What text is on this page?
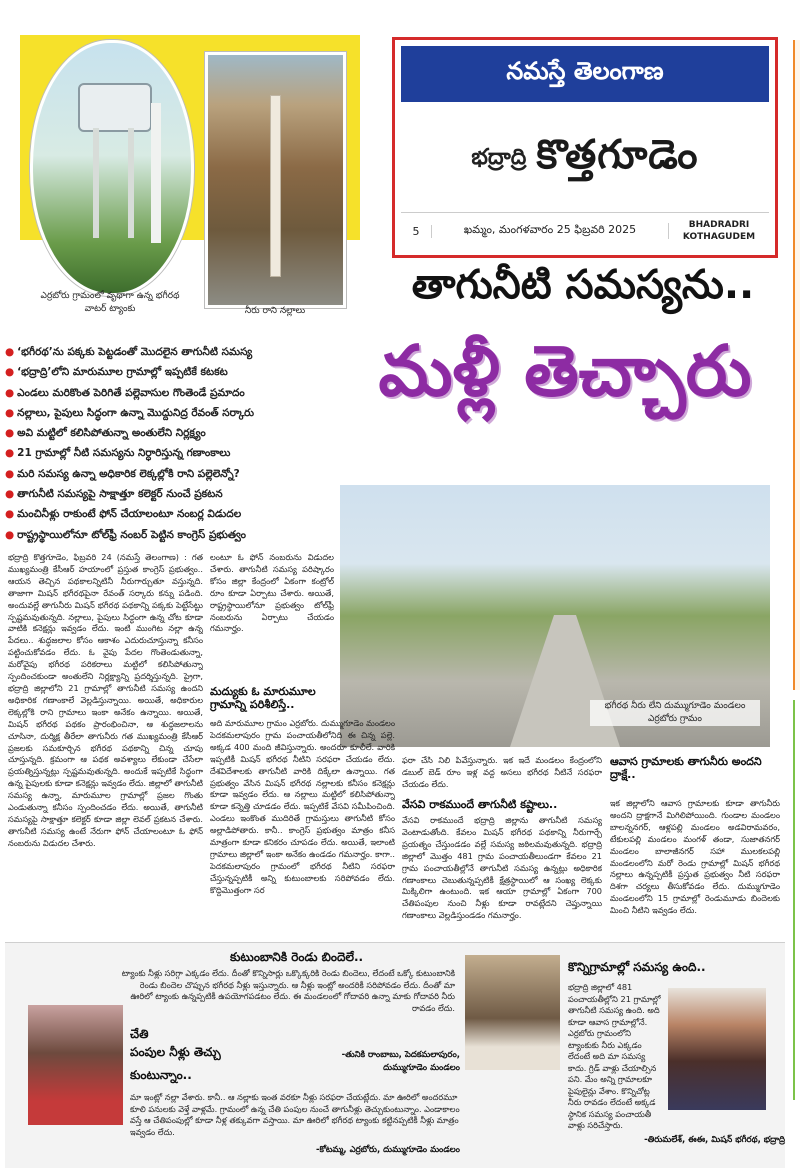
ఎర్రబోరు గ్రామంలో వృథాగా ఉన్న భగీరథ వాటర్ ట్యాంకు	నీరు రాని నల్లాలు
నమస్తే తెలంగాణ
భద్రాద్రి కొత్తగూడెం
5	ఖమ్మం, మంగళవారం 25 ఫిబ్రవరి 2025	BHADRADRI
KOTHAGUDEM
తాగునీటి సమస్యను..
మళ్లీ తెచ్చారు
● ‘భగీరథ’ను పక్కకు పెట్టడంతో మొదలైన తాగునీటి సమస్య
● ‘భద్రాద్రి’లోని మారుమూల గ్రామాల్లో ఇప్పటికే కటకట
● ఎండలు మరికొంత పెరిగితే పల్లెవాసుల గొంతెండే ప్రమాదం
● నల్లాలు, పైపులు సిద్ధంగా ఉన్నా మొద్దునిద్ర రేవంత్ సర్కారు
● అవి మట్టిలో కలిసిపోతున్నా అంతులేని నిర్లక్ష్యం
● 21 గ్రామాల్లో నీటి సమస్యను నిర్ధారిస్తున్న గణాంకాలు
● మరి సమస్య ఉన్నా అధికారిక లెక్కల్లోకి రాని పల్లెలెన్నో?
● తాగునీటి సమస్యపై సాక్షాత్తూ కలెక్టర్ నుంచే ప్రకటన
● మంచినీళ్లు రాకుంటే ఫోన్ చేయాలంటూ నంబర్ల విడుదల
● రాష్ట్రస్థాయిలోనూ టోల్‌ఫ్రీ నంబర్ పెట్టిన కాంగ్రెస్ ప్రభుత్వం
భగీరథ నీరు లేని దుమ్ముగూడెం మండలం ఎర్రబోరు గ్రామం
భద్రాద్రి కొత్తగూడెం, ఫిబ్రవరి 24 (నమస్తే తెలంగాణ) : గత ముఖ్యమంత్రి కేసీఆర్ హయాంలో ప్రస్తుత కాంగ్రెస్ ప్రభుత్వం.. ఆయన తెచ్చిన పథకాలన్నిటినీ నీరుగార్చుతూ వస్తున్నది. తాజాగా మిషన్ భగీరథపైనా రేవంత్ సర్కారు కన్ను పడింది. అందువల్లే తాగునీరు మిషన్ భగీరథ పథకాన్ని పక్కకు పెట్టేసేట్టు స్పష్టమవుతున్నది. నల్లాలు, పైపులు సిద్ధంగా ఉన్న చోట కూడా వాటికి కనెక్షన్లు ఇవ్వడం లేదు. ఇంటి ముంగిట నల్లా ఉన్న పేదలు.. శుద్ధజలాల కోసం ఆకాశం ఎదురుచూస్తున్నా కనీసం పట్టించుకోవడం లేదు. ఓ వైపు పేదల గొంతెండుతున్నా, మరోవైపు భగీరథ పరికరాలు మట్టిలో కలిసిపోతున్నా స్పందించకుండా అంతులేని నిర్లక్ష్యాన్ని ప్రదర్శిస్తున్నది. ప్రైగా, భద్రాద్రి జిల్లాలోని 21 గ్రామాల్లో తాగునీటి సమస్య ఉందని అధికారిక గణాంకాలే వెల్లడిస్తున్నాయి. అయితే, అధికారుల లెక్కల్లోకి రాని గ్రామాలు ఇంకా అనేకం ఉన్నాయి. అయితే, మిషన్ భగీరథ పథకం ప్రారంభించినా, ఆ శుద్ధజలాలను చూసినా, దుర్మిక్ష తీరేలా తాగునీరు గత ముఖ్యమంత్రి కేసీఆర్ ప్రజలకు సమకూర్చిన భగీరథ పథకాన్ని చిన్న చూపు చూస్తున్నది. క్రమంగా ఆ పథక అవశ్యాలు లేకుండా చేసేలా ప్రయత్నిస్తున్నట్లు స్పష్టమవుతున్నది. అందుకే ఇప్పటికే సిద్ధంగా ఉన్న పైపులకు కూడా కనెక్షన్లు ఇవ్వడం లేదు. జిల్లాలో తాగునీటి సమస్య ఉన్నా, మారుమూల గ్రామాల్లో ప్రజల గొంతు ఎండుతున్నా కనీసం స్పందించడం లేదు. అయితే, తాగునీటి సమస్యపై సాక్షాత్తూ కలెక్టర్ కూడా జిల్లా లెవల్ ప్రకటన చేశారు. తాగునీటి సమస్య ఉంటే నేరుగా ఫోన్ చేయాలంటూ ఓ ఫోన్ నంబరును విడుదల చేశారు.
లంటూ ఓ ఫోన్ నంబరును విడుదల చేశారు. తాగునీటి సమస్య పరిష్కారం కోసం జిల్లా కేంద్రంలో ఏకంగా కంట్రోల్ రూం కూడా ఏర్పాటు చేశారు. అయితే, రాష్ట్రస్థాయిలోనూ ప్రభుత్వం టోల్‌ఫ్రీ నంబరును ఏర్పాటు చేయడం గమనార్హం.
మద్యుకు ఓ మారుమూల గ్రామాన్ని పరిశీలిస్తే..
అది మారుమూల గ్రామం ఎర్రబోరు. దుమ్ముగూడెం మండలం పెదకమలాపురం గ్రామ పంచాయతీలోనిది ఈ చిన్న పల్లె. అక్కడ 400 మంది జీవిస్తున్నారు. అందరూ కూలీలే. వారికి ఇప్పటికీ మిషన్ భగీరథ నీటిని సరఫరా చేయడం లేదు. దేశవిదేశాలకు తాగునీటి వారికి దిక్కేలా ఉన్నాయి. గత ప్రభుత్వం వేసిన మిషన్ భగీరథ నల్లాలకు కనీసం కనెక్షన్లు కూడా ఇవ్వడం లేదు. ఆ నల్లాలు మట్టిలో కలిసిపోతున్నా కూడా కన్నెత్తి చూడడం లేదు. ఇప్పటికే వేసవి సమీపించింది. ఎండలు ఇంకొంత ముదిరితే గ్రామస్తులు తాగునీటి కోసం అల్లాడిపోతారు. కానీ.. కాంగ్రెస్ ప్రభుత్వం మాత్రం కనీస మాత్రంగా కూడా కనికరం చూపడం లేదు. అయితే, ఇలాంటి గ్రామాలు జిల్లాలో ఇంకా అనేకం ఉండడం గమనార్హం. కాగా.. పెదకమలాపురం గ్రామంలో భగీరథ నీటిని సరఫరా చేస్తున్నప్పటికీ అన్ని కుటుంబాలకు సరిపోవడం లేదు. కొద్దిమొత్తంగా సర
ఫరా చేసి నిలి పివేస్తున్నారు. ఇక ఇదే మండలం కేంద్రంలోని డబుల్ బెడ్ రూం ఇళ్ల వద్ద అసలు భగీరథ నీటినే సరఫరా చేయడం లేదు.
వేసవి రాకముందే తాగునీటి కష్టాలు..
వేసవి రాకముందే భద్రాద్రి జిల్లాను తాగునీటి సమస్య వెంటాడుతోంది. కేవలం మిషన్ భగీరథ పథకాన్ని నీరుగార్చే ప్రయత్నం చేస్తుండడం వల్లే సమస్య జఠిలమవుతున్నది. భద్రాద్రి జిల్లాలో మొత్తం 481 గ్రామ పంచాయతీలుండగా కేవలం 21 గ్రామ పంచాయతీల్లోనే తాగునీటి సమస్య ఉన్నట్లు అధికారిక గణాంకాలు చెబుతున్నప్పటికీ క్షేత్రస్థాయిలో ఆ సంఖ్య లెక్కకు మిక్కిలిగా ఉంటుంది. ఇక ఆయా గ్రామాల్లో ఏకంగా 700 చేతిపంపుల నుంచి నీళ్లు కూడా రావట్లేదని చెప్తున్నాయి గణాంకాలు వెల్లడిస్తుండడం గమనార్హం.
ఆవాస గ్రామాలకు తాగునీరు అందని ద్రాక్షే..
ఇక జిల్లాలోని ఆవాస గ్రామాలకు కూడా తాగునీరు అందని ద్రాక్షగానే మిగిలిపోయింది. గుండాల మండలం బాలన్ననగర్, ఆళ్లపల్లి మండలం అడవిరామవరం, టేకులపల్లి మండలం మంగళ్ తండా, సుజాతనగర్ మండలం బాలాజీనగర్ సహా ములకలపల్లి మండలంలోని మరో రెండు గ్రామాల్లో మిషన్ భగీరథ నల్లాలు ఉన్నప్పటికీ ప్రస్తుత ప్రభుత్వం నీటి సరఫరా దిశగా చర్యలు తీసుకోవడం లేదు. దుమ్ముగూడెం మండలంలోని 15 గ్రామాల్లో రెండుమూడు బిందెలకు మించి నీటిని ఇవ్వడం లేదు.
కుటుంబానికి రెండు బిందెలే..
ట్యాంకు నీళ్లు సరిగ్గా ఎక్కడం లేదు. దీంతో కొన్నిసార్లు ఒక్కొక్కరికి రెండు బిందెలు, లేదంటే ఒక్కో కుటుంబానికి రెండు బిందెల చొప్పున భగీరథ నీళ్లు ఇస్తున్నారు. ఆ నీళ్లు ఇంట్లో అందరికీ సరిపోవడం లేదు. దీంతో మా ఊరిలో ట్యాంకు ఉన్నప్పటికీ ఉపయోగపడటం లేదు. ఈ మండలంలో గోదావరి ఉన్నా మాకు గోదావరి నీరు రావడం లేదు.
-తునికి రాంబాబు, పెదకమలాపురం,
దుమ్ముగూడెం మండలం
కొన్నిగ్రామాల్లో సమస్య ఉంది..
భద్రాద్రి జిల్లాలో 481 పంచాయతీల్లోని 21 గ్రామాల్లో తాగునీటి సమస్య ఉంది. అది కూడా ఆవాస గ్రామాల్లోనే. ఎర్రబోరు గ్రామంలోని ట్యాంకుకు నీరు ఎక్కడం లేదంటే అది మా సమస్య కాదు. గ్రిడ్ వాళ్లు చేయాల్సిన పని. మేం అన్ని గ్రామాలకూ పైపులైన్లు వేశాం. కొన్నిచోట్ల నీరు రావడం లేదంటే అక్కడ స్థానిక సమస్య పంచాయతీ వాళ్లు సరిచేస్తారు.
-తిరుమలేశ్, ఈఈ, మిషన్ భగీరథ, భద్రాద్రి
చేతి
పంపుల నీళ్లు తెచ్చు
కుంటున్నాం..
మా ఇంట్లో నల్లా వేశారు. కానీ.. ఆ నల్లాకు ఇంత వరకూ నీళ్లు సరఫరా చేయట్లేదు. మా ఊరిలో అందరమూ కూలి పనులకు వెళ్తే వాళ్లమే. గ్రామంలో ఉన్న చేతి పంపుల నుంచే తాగునీళ్లు తెచ్చుకుంటున్నాం. ఎండాకాలం వస్తే ఆ చేతిపంపుల్లో కూడా నీళ్ల తక్కువగా వస్తాయి. మా ఊరిలో భగీరథ ట్యాంకు కట్టినప్పటికీ నీళ్లు మాత్రం ఇవ్వడం లేదు.
-కోటమ్మ, ఎర్రబోరు, దుమ్ముగూడెం మండలం
